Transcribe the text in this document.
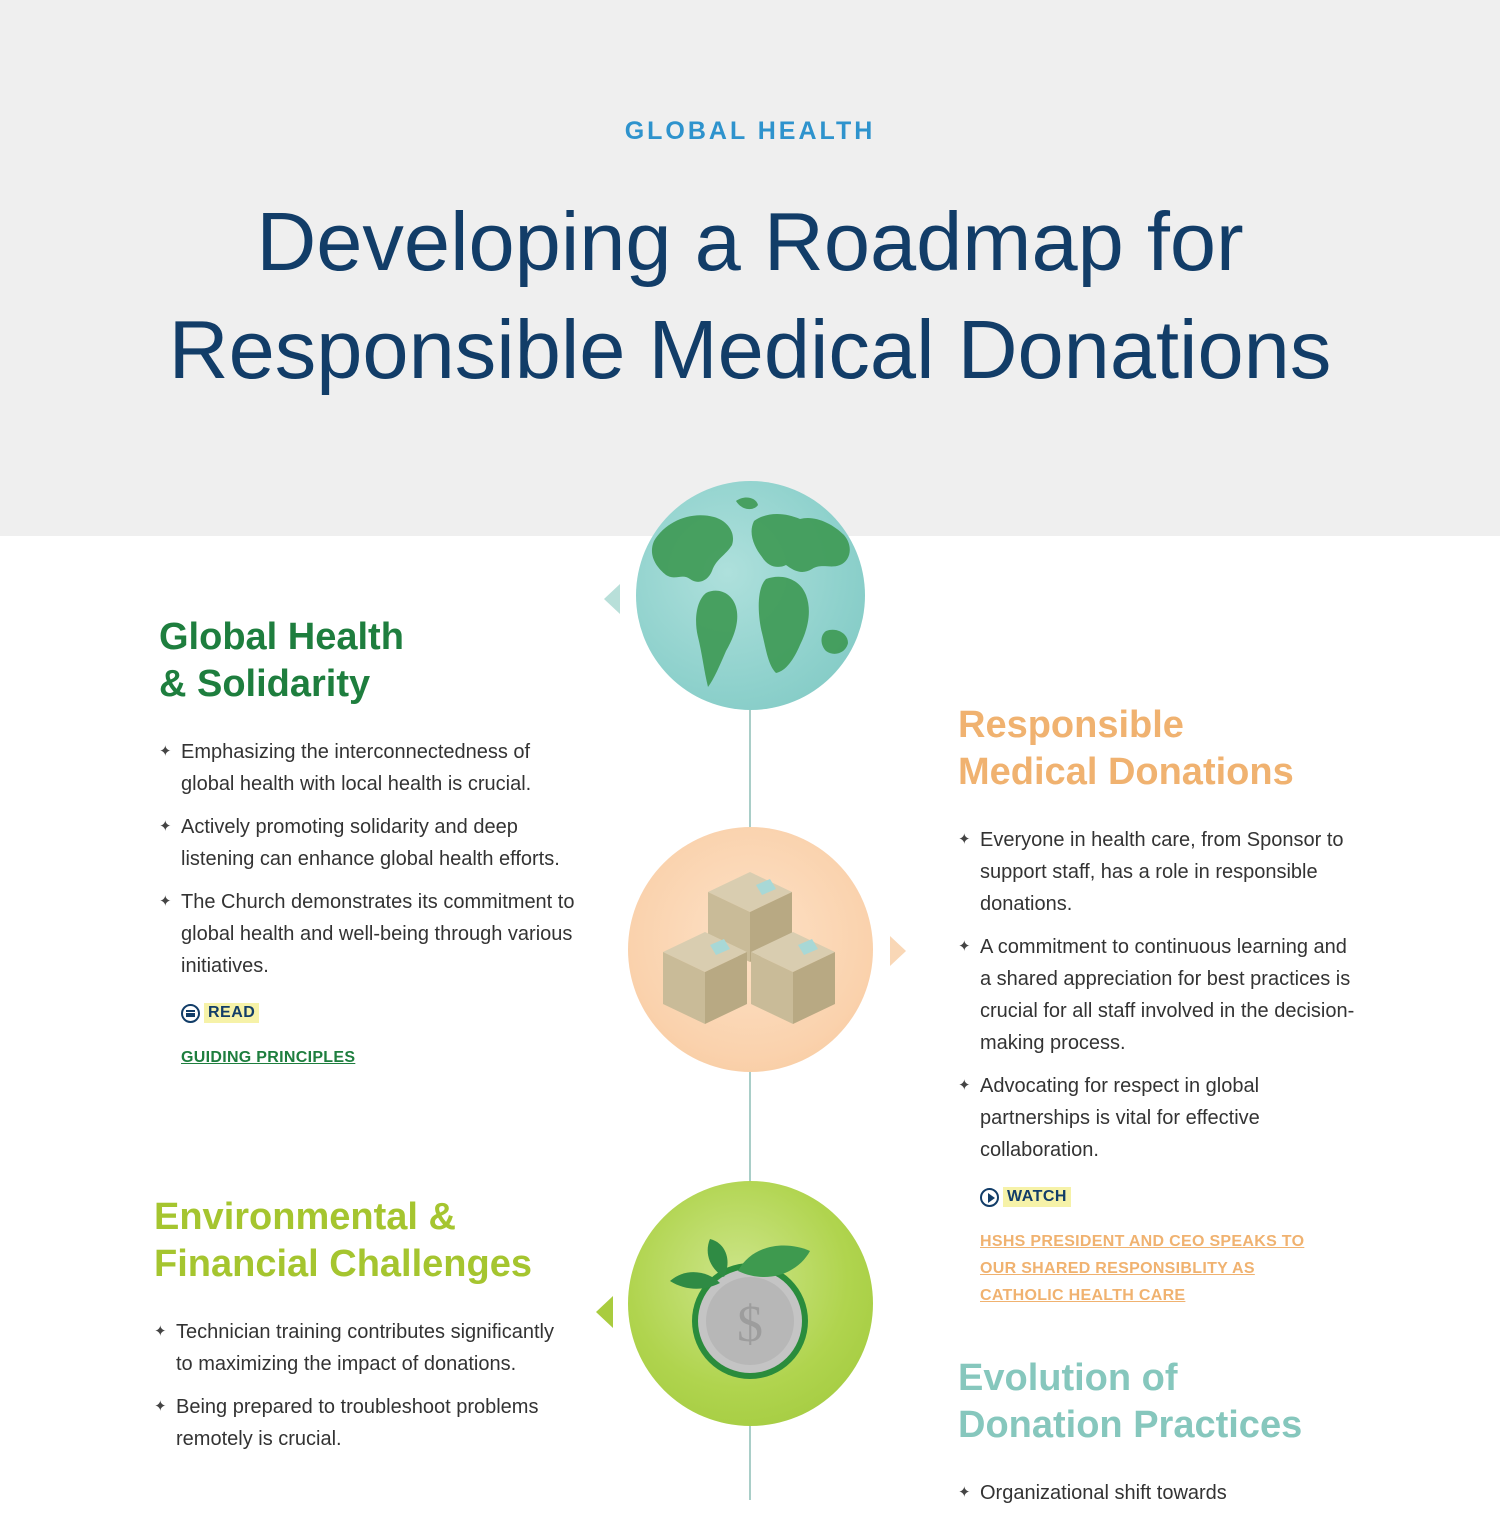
GLOBAL HEALTH
Developing a Roadmap for
Responsible Medical Donations
$
Global Health
& Solidarity
✦ Emphasizing the interconnectedness of global health with local health is crucial.
✦ Actively promoting solidarity and deep listening can enhance global health efforts.
✦ The Church demonstrates its commitment to global health and well-being through various initiatives.
READ
GUIDING PRINCIPLES
Responsible
Medical Donations
✦ Everyone in health care, from Sponsor to support staff, has a role in responsible donations.
✦ A commitment to continuous learning and a shared appreciation for best practices is crucial for all staff involved in the decision-making process.
✦ Advocating for respect in global partnerships is vital for effective collaboration.
WATCH
HSHS PRESIDENT AND CEO SPEAKS TO OUR SHARED RESPONSIBLITY AS CATHOLIC HEALTH CARE
Environmental &
Financial Challenges
✦ Technician training contributes significantly to maximizing the impact of donations.
✦ Being prepared to troubleshoot problems remotely is crucial.
Evolution of
Donation Practices
✦ Organizational shift towards
